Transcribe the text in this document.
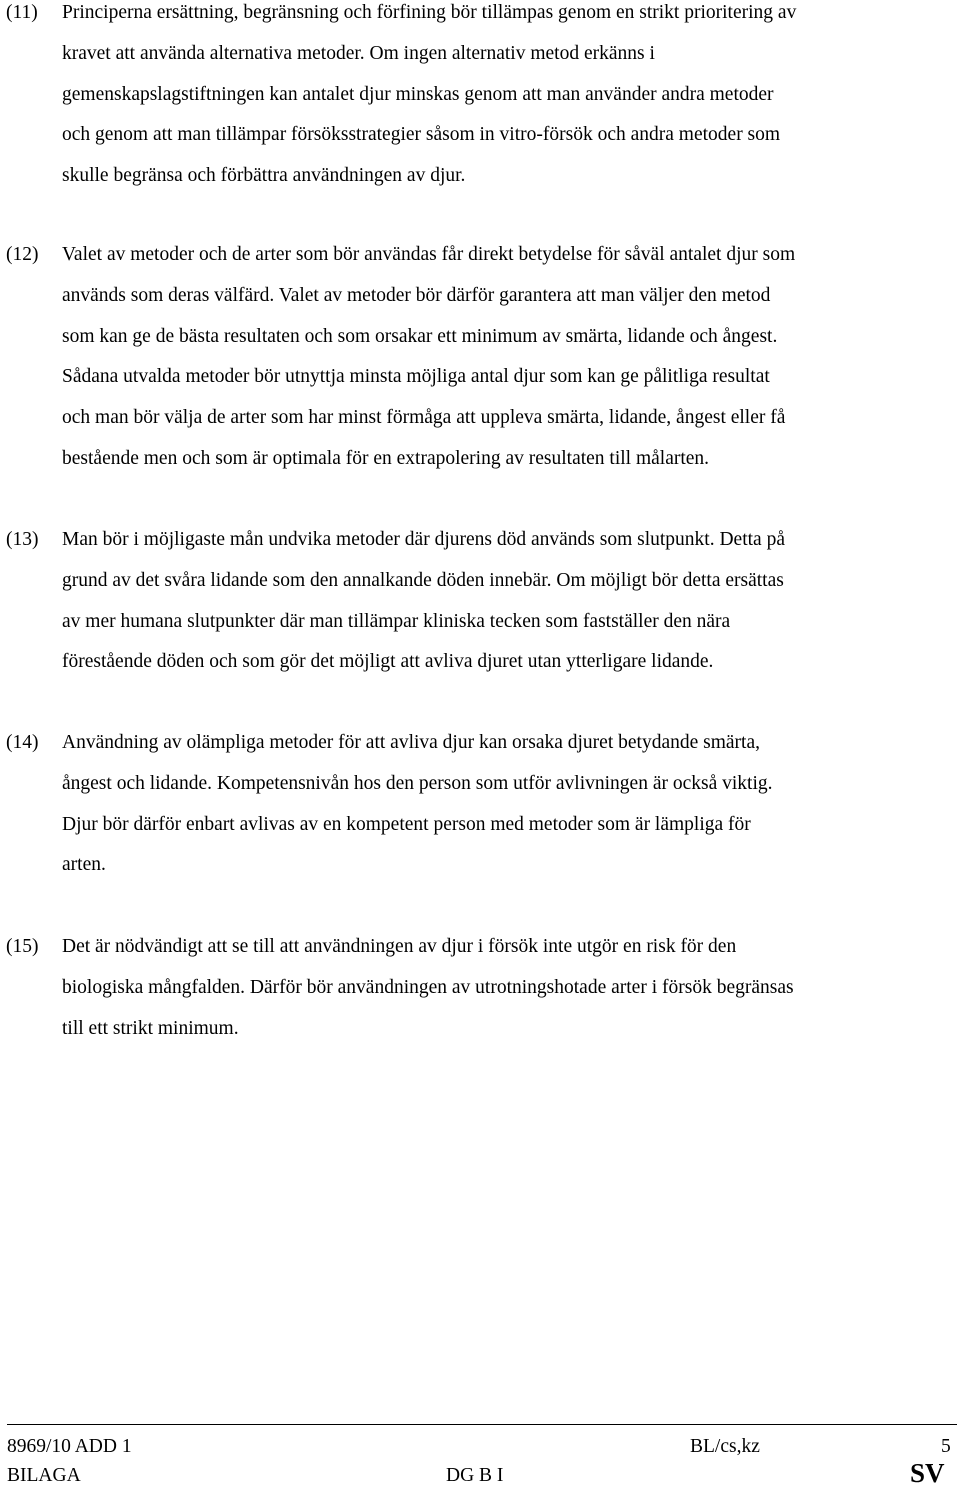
(11) Principerna ersättning, begränsning och förfining bör tillämpas genom en strikt prioritering av
kravet att använda alternativa metoder. Om ingen alternativ metod erkänns i
gemenskapslagstiftningen kan antalet djur minskas genom att man använder andra metoder
och genom att man tillämpar försöksstrategier såsom in vitro-försök och andra metoder som
skulle begränsa och förbättra användningen av djur.
(12) Valet av metoder och de arter som bör användas får direkt betydelse för såväl antalet djur som
används som deras välfärd. Valet av metoder bör därför garantera att man väljer den metod
som kan ge de bästa resultaten och som orsakar ett minimum av smärta, lidande och ångest.
Sådana utvalda metoder bör utnyttja minsta möjliga antal djur som kan ge pålitliga resultat
och man bör välja de arter som har minst förmåga att uppleva smärta, lidande, ångest eller få
bestående men och som är optimala för en extrapolering av resultaten till målarten.
(13) Man bör i möjligaste mån undvika metoder där djurens död används som slutpunkt. Detta på
grund av det svåra lidande som den annalkande döden innebär. Om möjligt bör detta ersättas
av mer humana slutpunkter där man tillämpar kliniska tecken som fastställer den nära
förestående döden och som gör det möjligt att avliva djuret utan ytterligare lidande.
(14) Användning av olämpliga metoder för att avliva djur kan orsaka djuret betydande smärta,
ångest och lidande. Kompetensnivån hos den person som utför avlivningen är också viktig.
Djur bör därför enbart avlivas av en kompetent person med metoder som är lämpliga för
arten.
(15) Det är nödvändigt att se till att användningen av djur i försök inte utgör en risk för den
biologiska mångfalden. Därför bör användningen av utrotningshotade arter i försök begränsas
till ett strikt minimum.
8969/10 ADD 1
BILAGA
BL/cs,kz
DG B I
5
SV
